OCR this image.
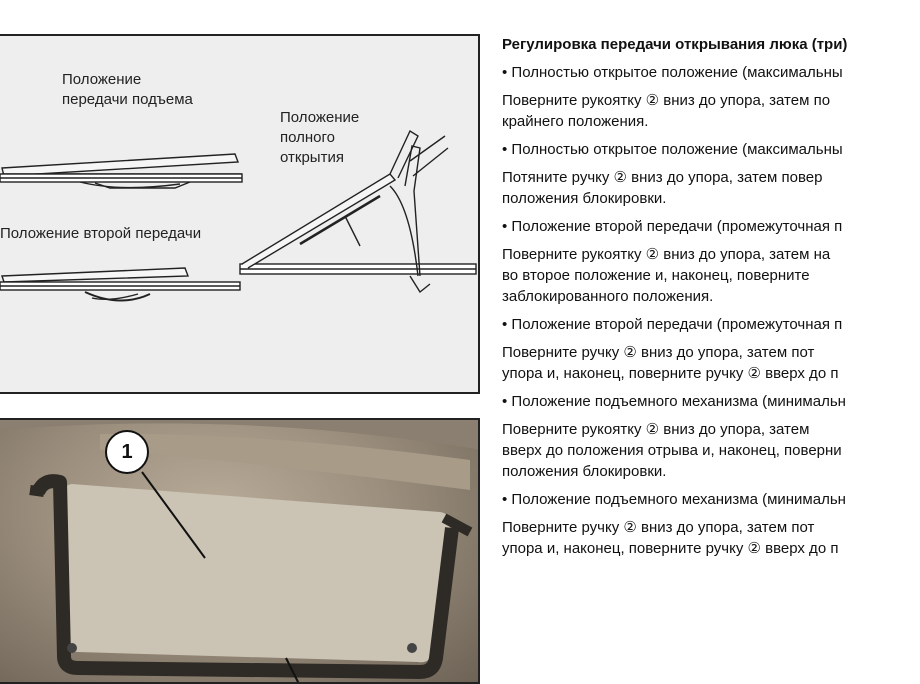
Положение
передачи подъема
Положение
полного
открытия
Положение второй передачи
1
Регулировка передачи открывания люка (три)
• Полностью открытое положение (максимальны
Поверните рукоятку ② вниз до упора, затем по
крайнего положения.
• Полностью открытое положение (максимальны
Потяните ручку ② вниз до упора, затем повер
положения блокировки.
• Положение второй передачи (промежуточная п
Поверните рукоятку ② вниз до упора, затем на
во второе положение и, наконец, поверните
заблокированного положения.
• Положение второй передачи (промежуточная п
Поверните ручку ② вниз до упора, затем пот
упора и, наконец, поверните ручку ② вверх до п
• Положение подъемного механизма (минимальн
Поверните рукоятку ② вниз до упора, затем
вверх до положения отрыва и, наконец, поверни
положения блокировки.
• Положение подъемного механизма (минимальн
Поверните ручку ② вниз до упора, затем пот
упора и, наконец, поверните ручку ② вверх до п
